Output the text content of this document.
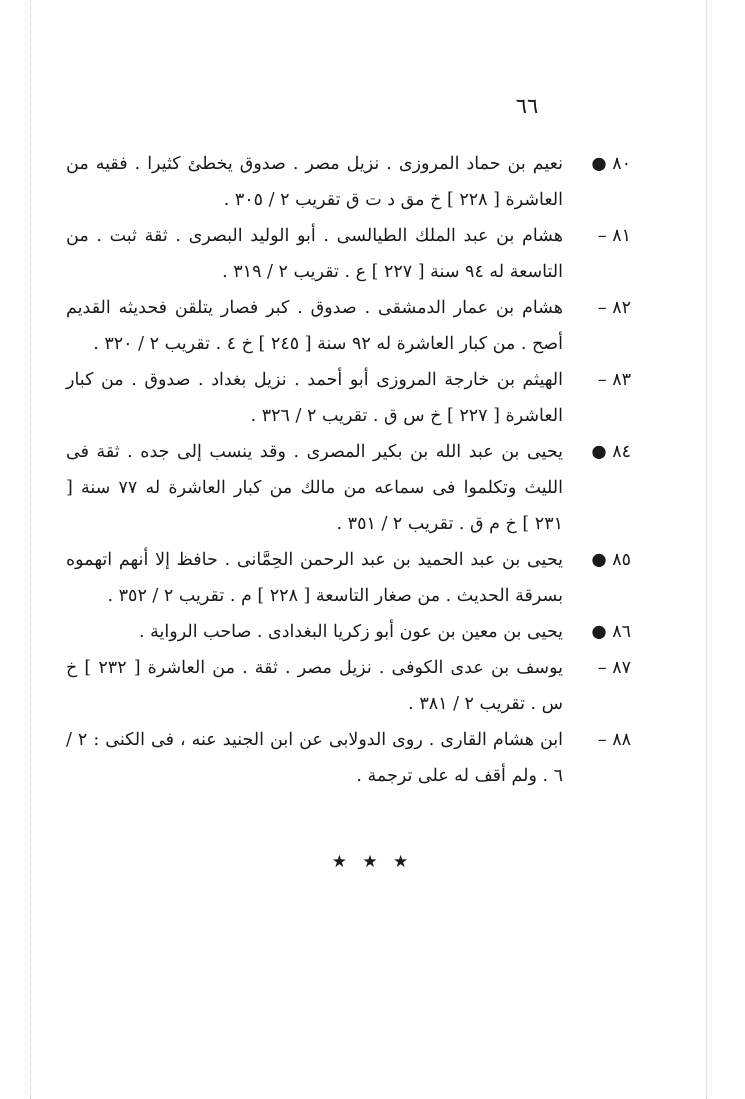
٦٦
٨٠ ●
نعيم بن حماد المروزى . نزيل مصر . صدوق يخطئ كثيرا . فقيه من العاشرة [ ٢٢٨ ] خ مق د ت ق تقريب ٢ / ٣٠٥ .
٨١ –
هشام بن عبد الملك الطيالسى . أبو الوليد البصرى . ثقة ثبت . من التاسعة له ٩٤ سنة [ ٢٢٧ ] ع . تقريب ٢ / ٣١٩ .
٨٢ –
هشام بن عمار الدمشقى . صدوق . كبر فصار يتلقن فحديثه القديم أصح . من كبار العاشرة له ٩٢ سنة [ ٢٤٥ ] خ ٤ . تقريب ٢ / ٣٢٠ .
٨٣ –
الهيثم بن خارجة المروزى أبو أحمد . نزيل بغداد . صدوق . من كبار العاشرة [ ٢٢٧ ] خ س ق . تقريب ٢ / ٣٢٦ .
٨٤ ●
يحيى بن عبد الله بن بكير المصرى . وقد ينسب إلى جده . ثقة فى الليث وتكلموا فى سماعه من مالك من كبار العاشرة له ٧٧ سنة [ ٢٣١ ] خ م ق . تقريب ٢ / ٣٥١ .
٨٥ ●
يحيى بن عبد الحميد بن عبد الرحمن الحِمَّانى . حافظ إلا أنهم اتهموه بسرقة الحديث . من صغار التاسعة [ ٢٢٨ ] م . تقريب ٢ / ٣٥٢ .
٨٦ ●
يحيى بن معين بن عون أبو زكريا البغدادى . صاحب الرواية .
٨٧ –
يوسف بن عدى الكوفى . نزيل مصر . ثقة . من العاشرة [ ٢٣٢ ] خ س . تقريب ٢ / ٣٨١ .
٨٨ –
ابن هشام القارى . روى الدولابى عن ابن الجنيد عنه ، فى الكنى : ٢ / ٦ . ولم أقف له على ترجمة .
★ ★ ★
